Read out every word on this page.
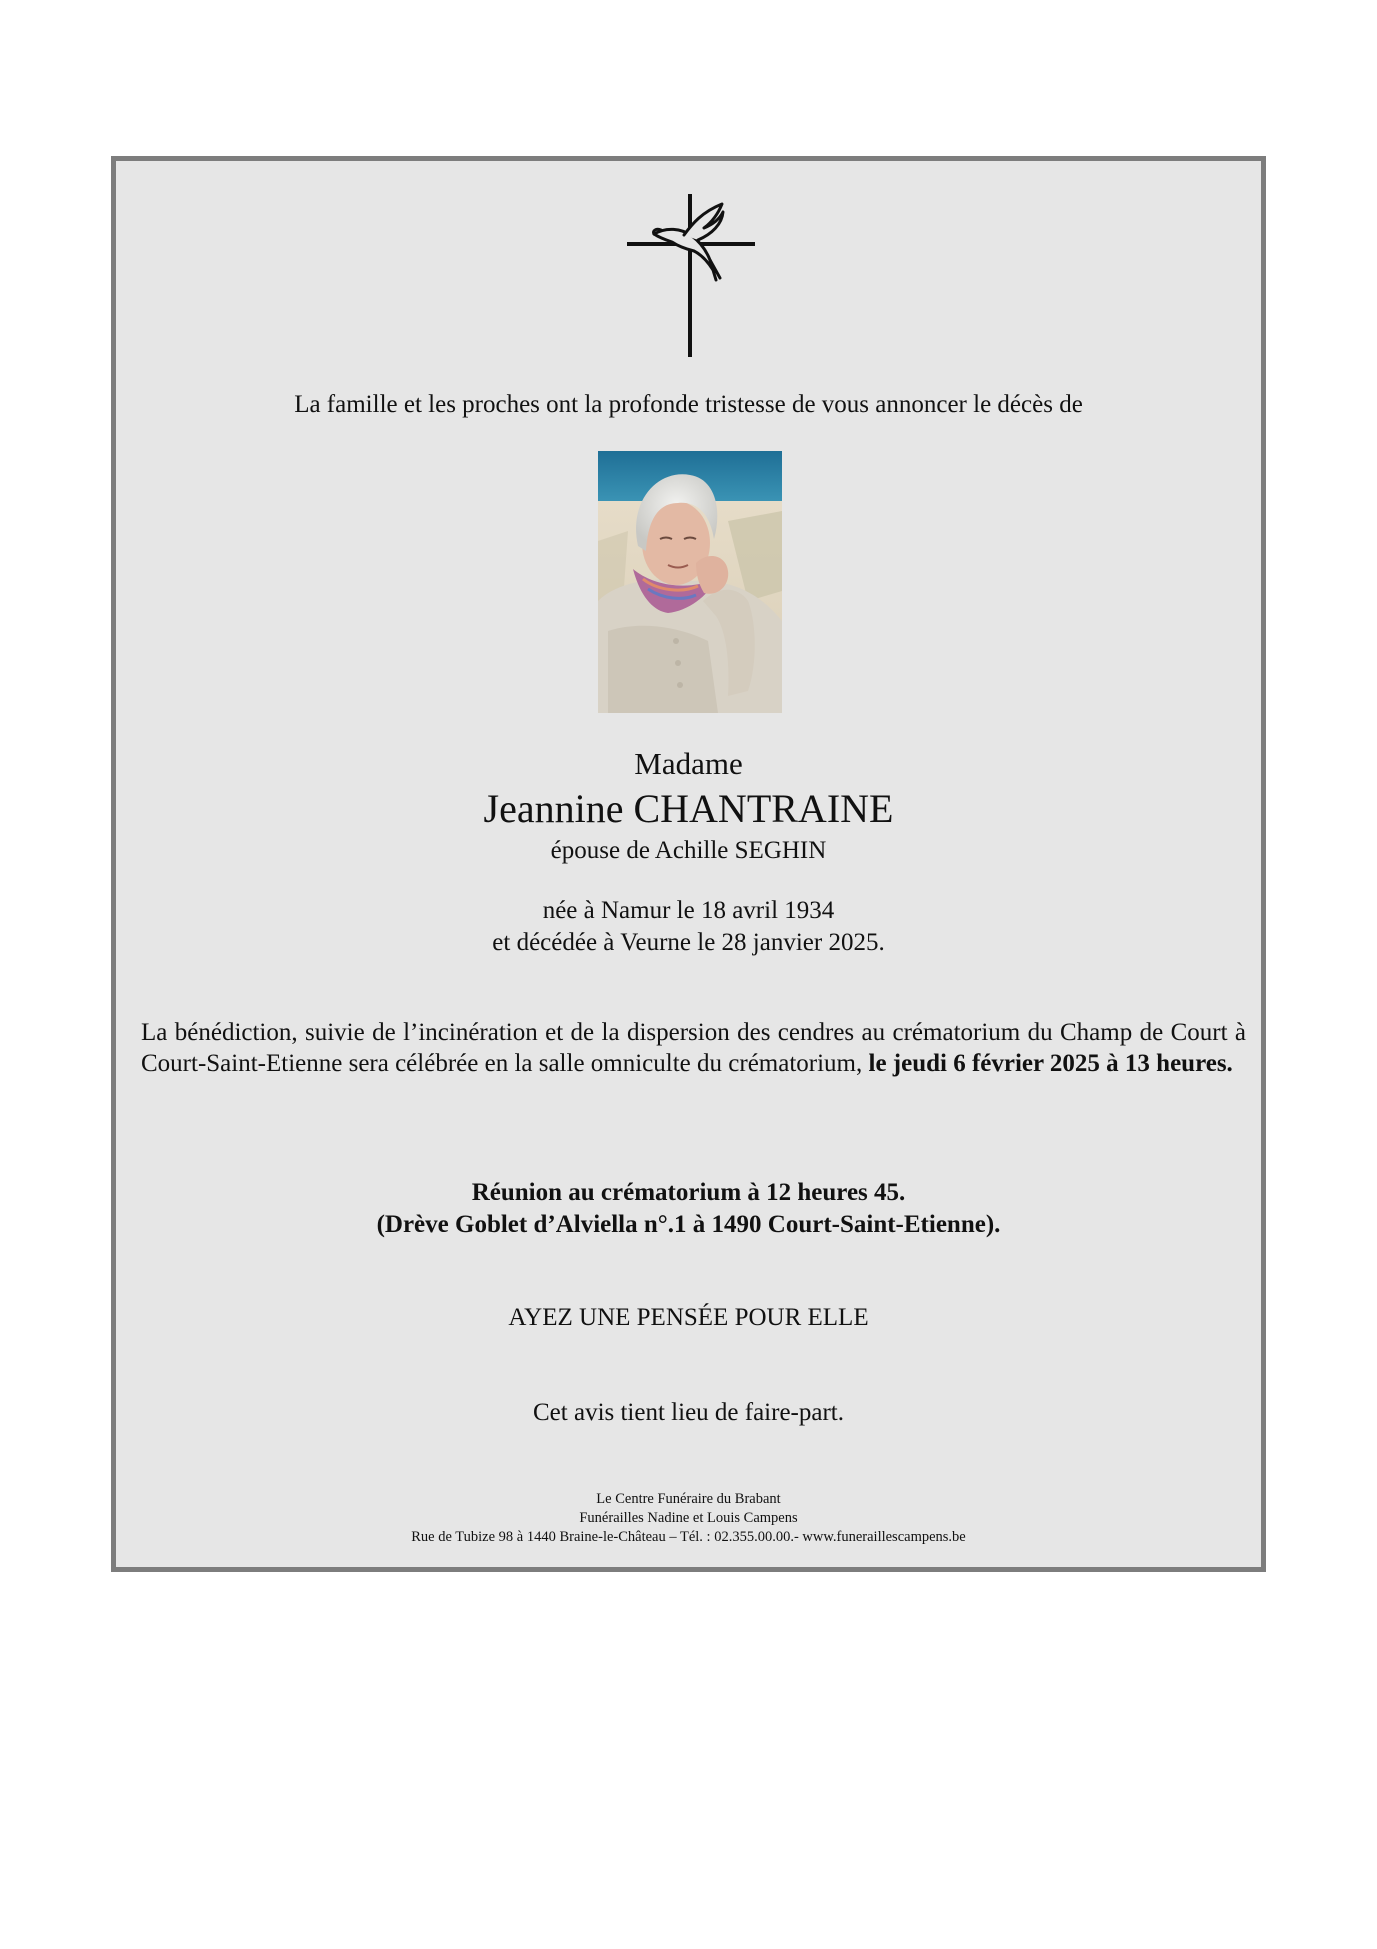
La famille et les proches ont la profonde tristesse de vous annoncer le décès de

Madame

Jeannine CHANTRAINE

épouse de Achille SEGHIN

née à Namur le 18 avril 1934

et décédée à Veurne le 28 janvier 2025.

La bénédiction, suivie de l’incinération et de la dispersion des cendres au crématorium du Champ de Court à Court-Saint-Etienne sera célébrée en la salle omniculte du crématorium, le jeudi 6 février 2025 à 13 heures.

Réunion au crématorium à 12 heures 45.

(Drève Goblet d’Alviella n°.1 à 1490 Court-Saint-Etienne).

AYEZ UNE PENSÉE POUR ELLE

Cet avis tient lieu de faire-part.

Le Centre Funéraire du Brabant

Funérailles Nadine et Louis Campens

Rue de Tubize 98 à 1440 Braine-le-Château – Tél. : 02.355.00.00.- www.funeraillescampens.be
